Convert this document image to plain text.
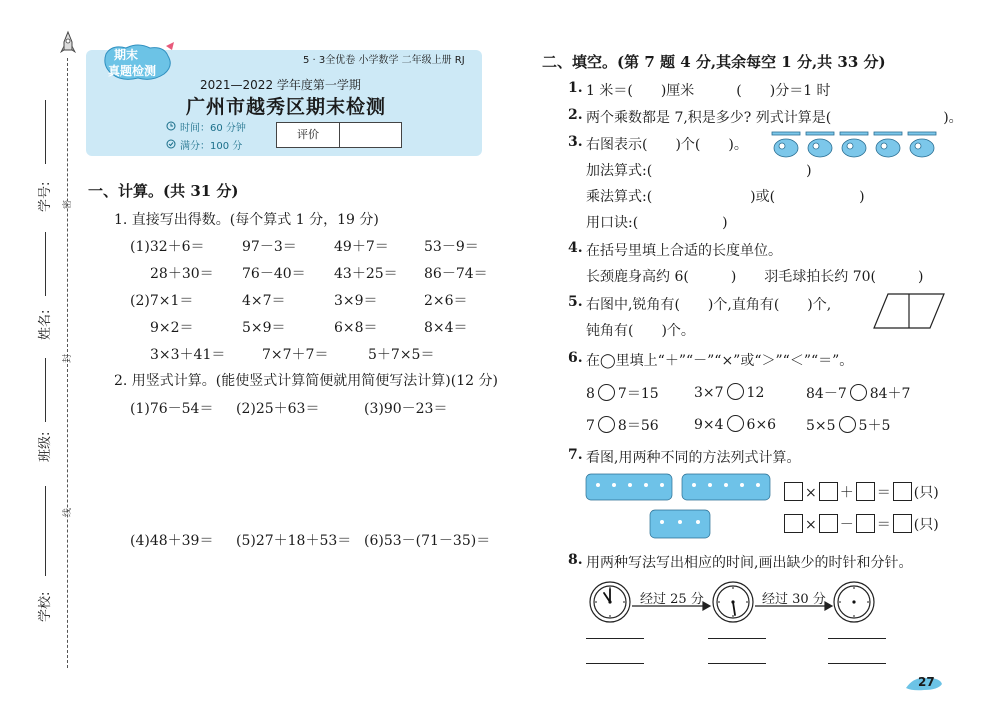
密
封
线
学号:
姓名:
班级:
学校:
期末
真题检测
5 · 3全优卷 小学数学 二年级上册 RJ
2021—2022 学年度第一学期
广州市越秀区期末检测
时间：60 分钟
满分：100 分
评价
一、计算。(共 31 分)
1. 直接写出得数。(每个算式 1 分，19 分)
(1)32＋6＝	97－3＝	49＋7＝	53－9＝
28＋30＝ 76－40＝ 43＋25＝ 86－74＝
(2)7×1＝	4×7＝	3×9＝	2×6＝
9×2＝	5×9＝	6×8＝	8×4＝
3×3＋41＝	7×7＋7＝	5＋7×5＝
2. 用竖式计算。(能使竖式计算简便就用简便写法计算)(12 分)
(1)76－54＝ (2)25＋63＝	(3)90－23＝
(4)48＋39＝ (5)27＋18＋53＝ (6)53－(71－35)＝
二、填空。(第 7 题 4 分,其余每空 1 分,共 33 分)
1. 1 米＝(　　)厘米　　　(　　)分＝1 时
2. 两个乘数都是 7,积是多少? 列式计算是(　　　　　　　　)。
3. 右图表示(　　)个(　　)。
加法算式:(　　　　　　　　　　　)
乘法算式:(　　　　　　　)或(　　　　　　)
用口诀:(　　　　　　)
4. 在括号里填上合适的长度单位。
长颈鹿身高约 6(　　　)　　羽毛球拍长约 70(　　　)
5. 右图中,锐角有(　　)个,直角有(　　)个,
钝角有(　　)个。
6. 在◯里填上“＋”“－”“×”或“＞”“＜”“＝”。
8 7＝15	3×7 12	84－7 84＋7
7 8＝56	9×4 6×6 5×5 5＋5
7. 看图,用两种不同的方法列式计算。
× ＋ ＝ (只)
× － ＝ (只)
8. 用两种写法写出相应的时间,画出缺少的时针和分针。
经过 25 分	经过 30 分
27
